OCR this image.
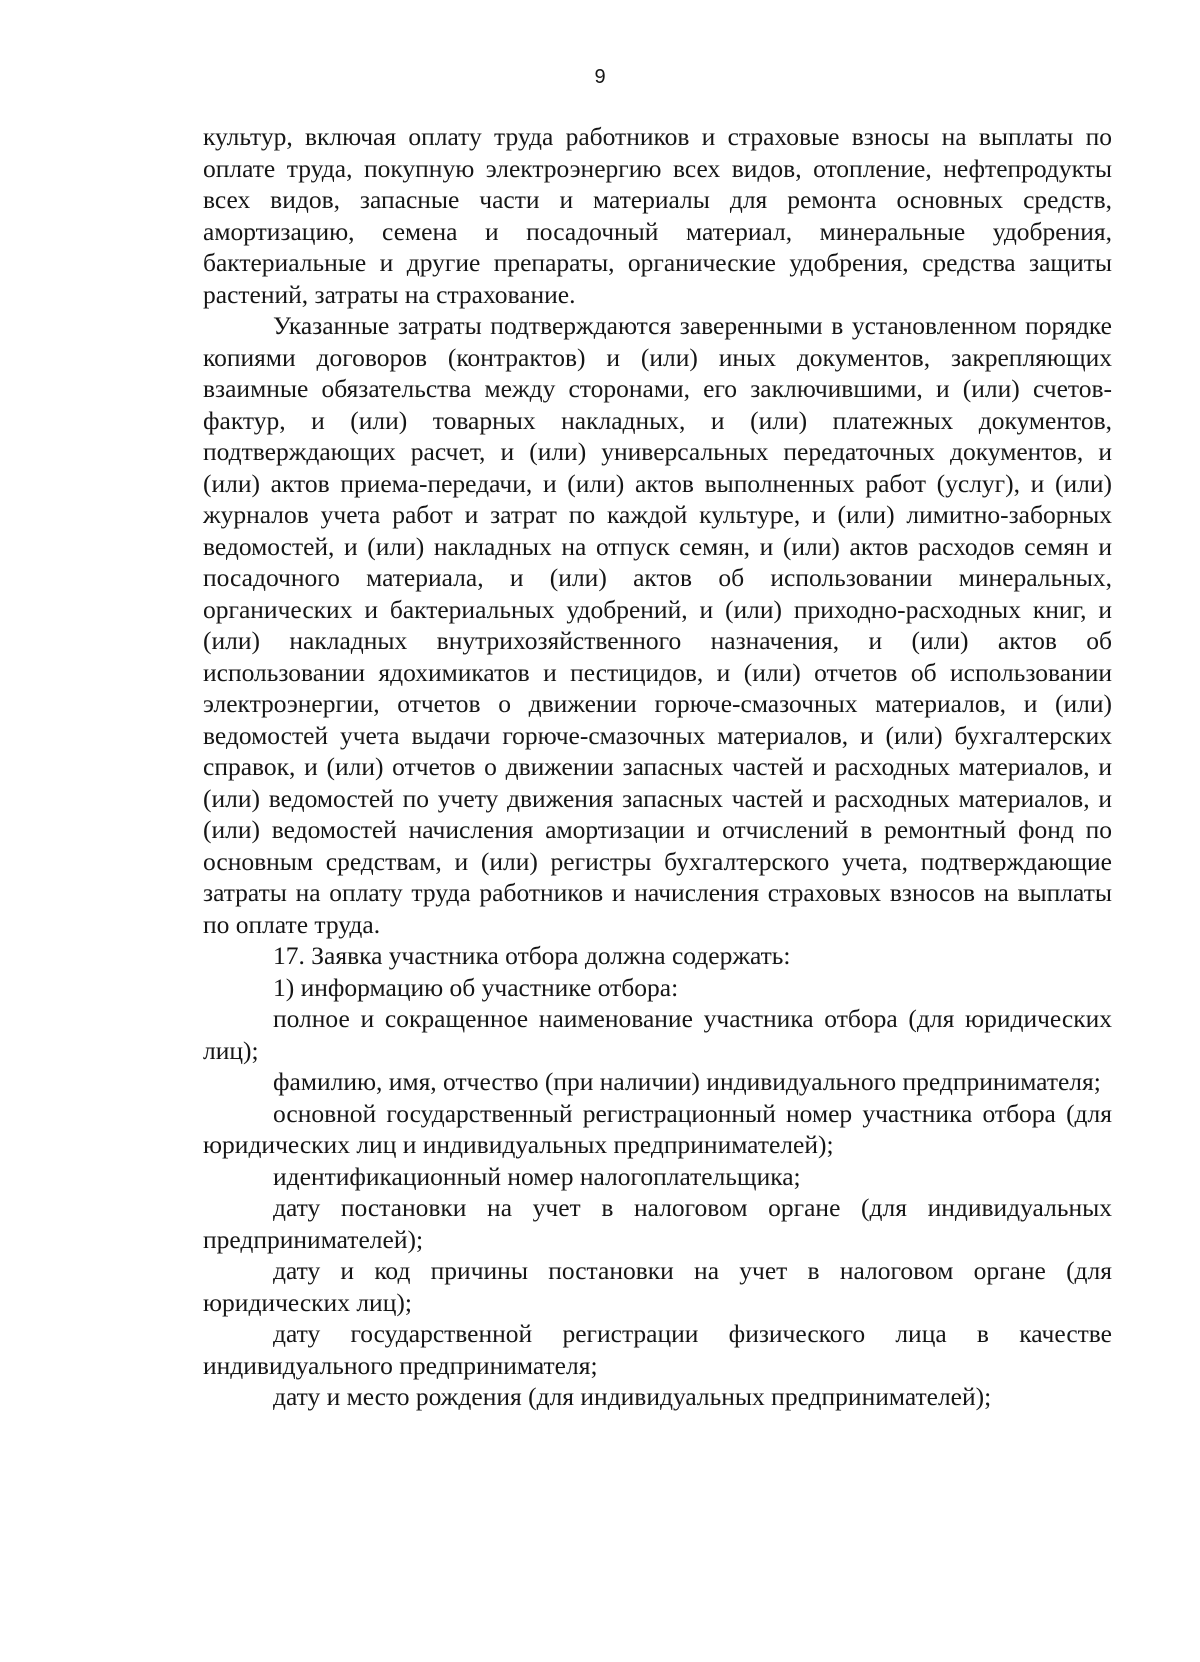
9

культур, включая оплату труда работников и страховые взносы на выплаты по оплате труда, покупную электроэнергию всех видов, отопление, нефтепродукты всех видов, запасные части и материалы для ремонта основных средств, амортизацию, семена и посадочный материал, минеральные удобрения, бактериальные и другие препараты, органические удобрения, средства защиты растений, затраты на страхование.

Указанные затраты подтверждаются заверенными в установленном порядке копиями договоров (контрактов) и (или) иных документов, закрепляющих взаимные обязательства между сторонами, его заключившими, и (или) счетов-фактур, и (или) товарных накладных, и (или) платежных документов, подтверждающих расчет, и (или) универсальных передаточных документов, и (или) актов приема-передачи, и (или) актов выполненных работ (услуг), и (или) журналов учета работ и затрат по каждой культуре, и (или) лимитно-заборных ведомостей, и (или) накладных на отпуск семян, и (или) актов расходов семян и посадочного материала, и (или) актов об использовании минеральных, органических и бактериальных удобрений, и (или) приходно-расходных книг, и (или) накладных внутрихозяйственного назначения, и (или) актов об использовании ядохимикатов и пестицидов, и (или) отчетов об использовании электроэнергии, отчетов о движении горюче-смазочных материалов, и (или) ведомостей учета выдачи горюче-смазочных материалов, и (или) бухгалтерских справок, и (или) отчетов о движении запасных частей и расходных материалов, и (или) ведомостей по учету движения запасных частей и расходных материалов, и (или) ведомостей начисления амортизации и отчислений в ремонтный фонд по основным средствам, и (или) регистры бухгалтерского учета, подтверждающие затраты на оплату труда работников и начисления страховых взносов на выплаты по оплате труда.

17. Заявка участника отбора должна содержать:

1) информацию об участнике отбора:

полное и сокращенное наименование участника отбора (для юридических лиц);

фамилию, имя, отчество (при наличии) индивидуального предпринимателя;

основной государственный регистрационный номер участника отбора (для юридических лиц и индивидуальных предпринимателей);

идентификационный номер налогоплательщика;

дату постановки на учет в налоговом органе (для индивидуальных предпринимателей);

дату и код причины постановки на учет в налоговом органе (для юридических лиц);

дату государственной регистрации физического лица в качестве индивидуального предпринимателя;

дату и место рождения (для индивидуальных предпринимателей);
